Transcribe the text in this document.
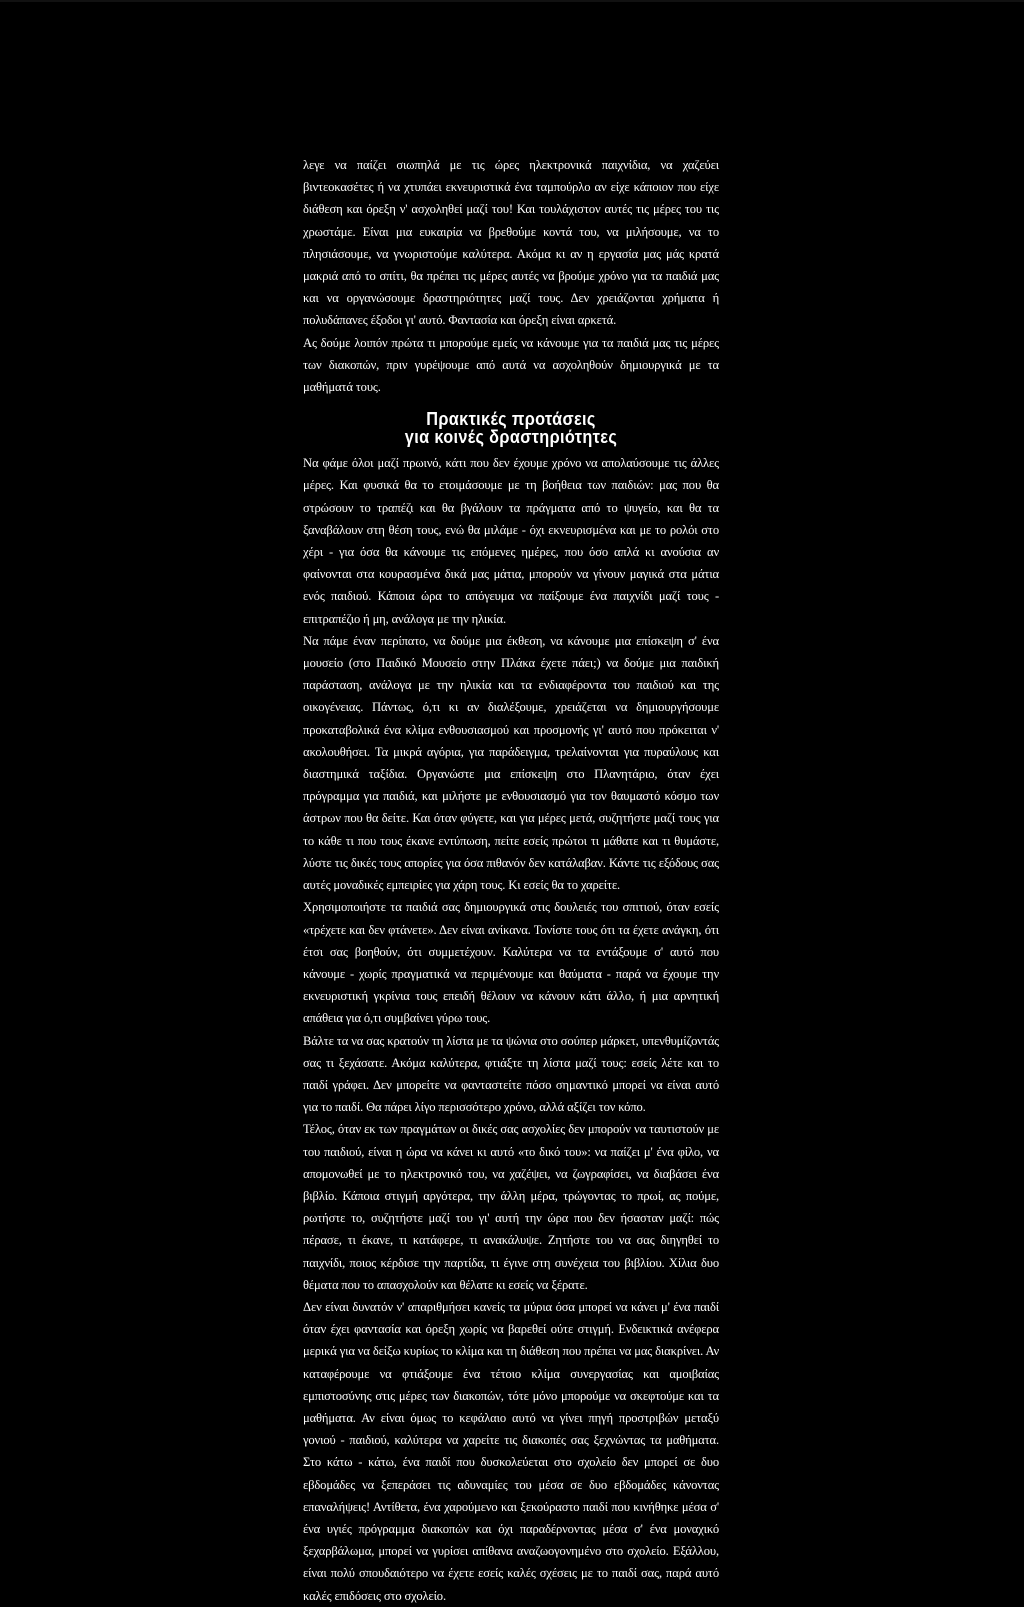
λεγε να παίζει σιωπηλά με τις ώρες ηλεκτρονικά παιχνίδια, να χαζεύει βιντεοκασέτες ή να χτυπάει εκνευριστικά ένα ταμπούρλο αν είχε κάποιον που είχε διάθεση και όρεξη ν' ασχοληθεί μαζί του! Και τουλάχιστον αυτές τις μέρες του τις χρωστάμε. Είναι μια ευκαιρία να βρεθούμε κοντά του, να μιλήσουμε, να το πλησιάσουμε, να γνωριστούμε καλύτερα. Ακόμα κι αν η εργασία μας μάς κρατά μακριά από το σπίτι, θα πρέπει τις μέρες αυτές να βρούμε χρόνο για τα παιδιά μας και να οργανώσουμε δραστηριότητες μαζί τους. Δεν χρειάζονται χρήματα ή πολυδάπανες έξοδοι γι' αυτό. Φαντασία και όρεξη είναι αρκετά.

Ας δούμε λοιπόν πρώτα τι μπορούμε εμείς να κάνουμε για τα παιδιά μας τις μέρες των διακοπών, πριν γυρέψουμε από αυτά να ασχοληθούν δημιουργικά με τα μαθήματά τους.

Πρακτικές προτάσεις
για κοινές δραστηριότητες

Να φάμε όλοι μαζί πρωινό, κάτι που δεν έχουμε χρόνο να απολαύσουμε τις άλλες μέρες. Και φυσικά θα το ετοιμάσουμε με τη βοήθεια των παιδιών: μας που θα στρώσουν το τραπέζι και θα βγάλουν τα πράγματα από το ψυγείο, και θα τα ξαναβάλουν στη θέση τους, ενώ θα μιλάμε - όχι εκνευρισμένα και με το ρολόι στο χέρι - για όσα θα κάνουμε τις επόμενες ημέρες, που όσο απλά κι ανούσια αν φαίνονται στα κουρασμένα δικά μας μάτια, μπορούν να γίνουν μαγικά στα μάτια ενός παιδιού. Κάποια ώρα το απόγευμα να παίξουμε ένα παιχνίδι μαζί τους - επιτραπέζιο ή μη, ανάλογα με την ηλικία.

Να πάμε έναν περίπατο, να δούμε μια έκθεση, να κάνουμε μια επίσκεψη σ' ένα μουσείο (στο Παιδικό Μουσείο στην Πλάκα έχετε πάει;) να δούμε μια παιδική παράσταση, ανάλογα με την ηλικία και τα ενδιαφέροντα του παιδιού και της οικογένειας. Πάντως, ό,τι κι αν διαλέξουμε, χρειάζεται να δημιουργήσουμε προκαταβολικά ένα κλίμα ενθουσιασμού και προσμονής γι' αυτό που πρόκειται ν' ακολουθήσει. Τα μικρά αγόρια, για παράδειγμα, τρελαίνονται για πυραύλους και διαστημικά ταξίδια. Οργανώστε μια επίσκεψη στο Πλανητάριο, όταν έχει πρόγραμμα για παιδιά, και μιλήστε με ενθουσιασμό για τον θαυμαστό κόσμο των άστρων που θα δείτε. Και όταν φύγετε, και για μέρες μετά, συζητήστε μαζί τους για το κάθε τι που τους έκανε εντύπωση, πείτε εσείς πρώτοι τι μάθατε και τι θυμάστε, λύστε τις δικές τους απορίες για όσα πιθανόν δεν κατάλαβαν. Κάντε τις εξόδους σας αυτές μοναδικές εμπειρίες για χάρη τους. Κι εσείς θα το χαρείτε.

Χρησιμοποιήστε τα παιδιά σας δημιουργικά στις δουλειές του σπιτιού, όταν εσείς «τρέχετε και δεν φτάνετε». Δεν είναι ανίκανα. Τονίστε τους ότι τα έχετε ανάγκη, ότι έτσι σας βοηθούν, ότι συμμετέχουν. Καλύτερα να τα εντάξουμε σ' αυτό που κάνουμε - χωρίς πραγματικά να περιμένουμε και θαύματα - παρά να έχουμε την εκνευριστική γκρίνια τους επειδή θέλουν να κάνουν κάτι άλλο, ή μια αρνητική απάθεια για ό,τι συμβαίνει γύρω τους.

Βάλτε τα να σας κρατούν τη λίστα με τα ψώνια στο σούπερ μάρκετ, υπενθυμίζοντάς σας τι ξεχάσατε. Ακόμα καλύτερα, φτιάξτε τη λίστα μαζί τους: εσείς λέτε και το παιδί γράφει. Δεν μπορείτε να φανταστείτε πόσο σημαντικό μπορεί να είναι αυτό για το παιδί. Θα πάρει λίγο περισσότερο χρόνο, αλλά αξίζει τον κόπο.

Τέλος, όταν εκ των πραγμάτων οι δικές σας ασχολίες δεν μπορούν να ταυτιστούν με του παιδιού, είναι η ώρα να κάνει κι αυτό «το δικό του»: να παίζει μ' ένα φίλο, να απομονωθεί με το ηλεκτρονικό του, να χαζέψει, να ζωγραφίσει, να διαβάσει ένα βιβλίο. Κάποια στιγμή αργότερα, την άλλη μέρα, τρώγοντας το πρωί, ας πούμε, ρωτήστε το, συζητήστε μαζί του γι' αυτή την ώρα που δεν ήσασταν μαζί: πώς πέρασε, τι έκανε, τι κατάφερε, τι ανακάλυψε. Ζητήστε του να σας διηγηθεί το παιχνίδι, ποιος κέρδισε την παρτίδα, τι έγινε στη συνέχεια του βιβλίου. Χίλια δυο θέματα που το απασχολούν και θέλατε κι εσείς να ξέρατε.

Δεν είναι δυνατόν ν' απαριθμήσει κανείς τα μύρια όσα μπορεί να κάνει μ' ένα παιδί όταν έχει φαντασία και όρεξη χωρίς να βαρεθεί ούτε στιγμή. Ενδεικτικά ανέφερα μερικά για να δείξω κυρίως το κλίμα και τη διάθεση που πρέπει να μας διακρίνει. Αν καταφέρουμε να φτιάξουμε ένα τέτοιο κλίμα συνεργασίας και αμοιβαίας εμπιστοσύνης στις μέρες των διακοπών, τότε μόνο μπορούμε να σκεφτούμε και τα μαθήματα. Αν είναι όμως το κεφάλαιο αυτό να γίνει πηγή προστριβών μεταξύ γονιού - παιδιού, καλύτερα να χαρείτε τις διακοπές σας ξεχνώντας τα μαθήματα. Στο κάτω - κάτω, ένα παιδί που δυσκολεύεται στο σχολείο δεν μπορεί σε δυο εβδομάδες να ξεπεράσει τις αδυναμίες του μέσα σε δυο εβδομάδες κάνοντας επαναλήψεις! Αντίθετα, ένα χαρούμενο και ξεκούραστο παιδί που κινήθηκε μέσα σ' ένα υγιές πρόγραμμα διακοπών και όχι παραδέρνοντας μέσα σ' ένα μοναχικό ξεχαρβάλωμα, μπορεί να γυρίσει απίθανα αναζωογονημένο στο σχολείο. Εξάλλου, είναι πολύ σπουδαιότερο να έχετε εσείς καλές σχέσεις με το παιδί σας, παρά αυτό καλές επιδόσεις στο σχολείο.
